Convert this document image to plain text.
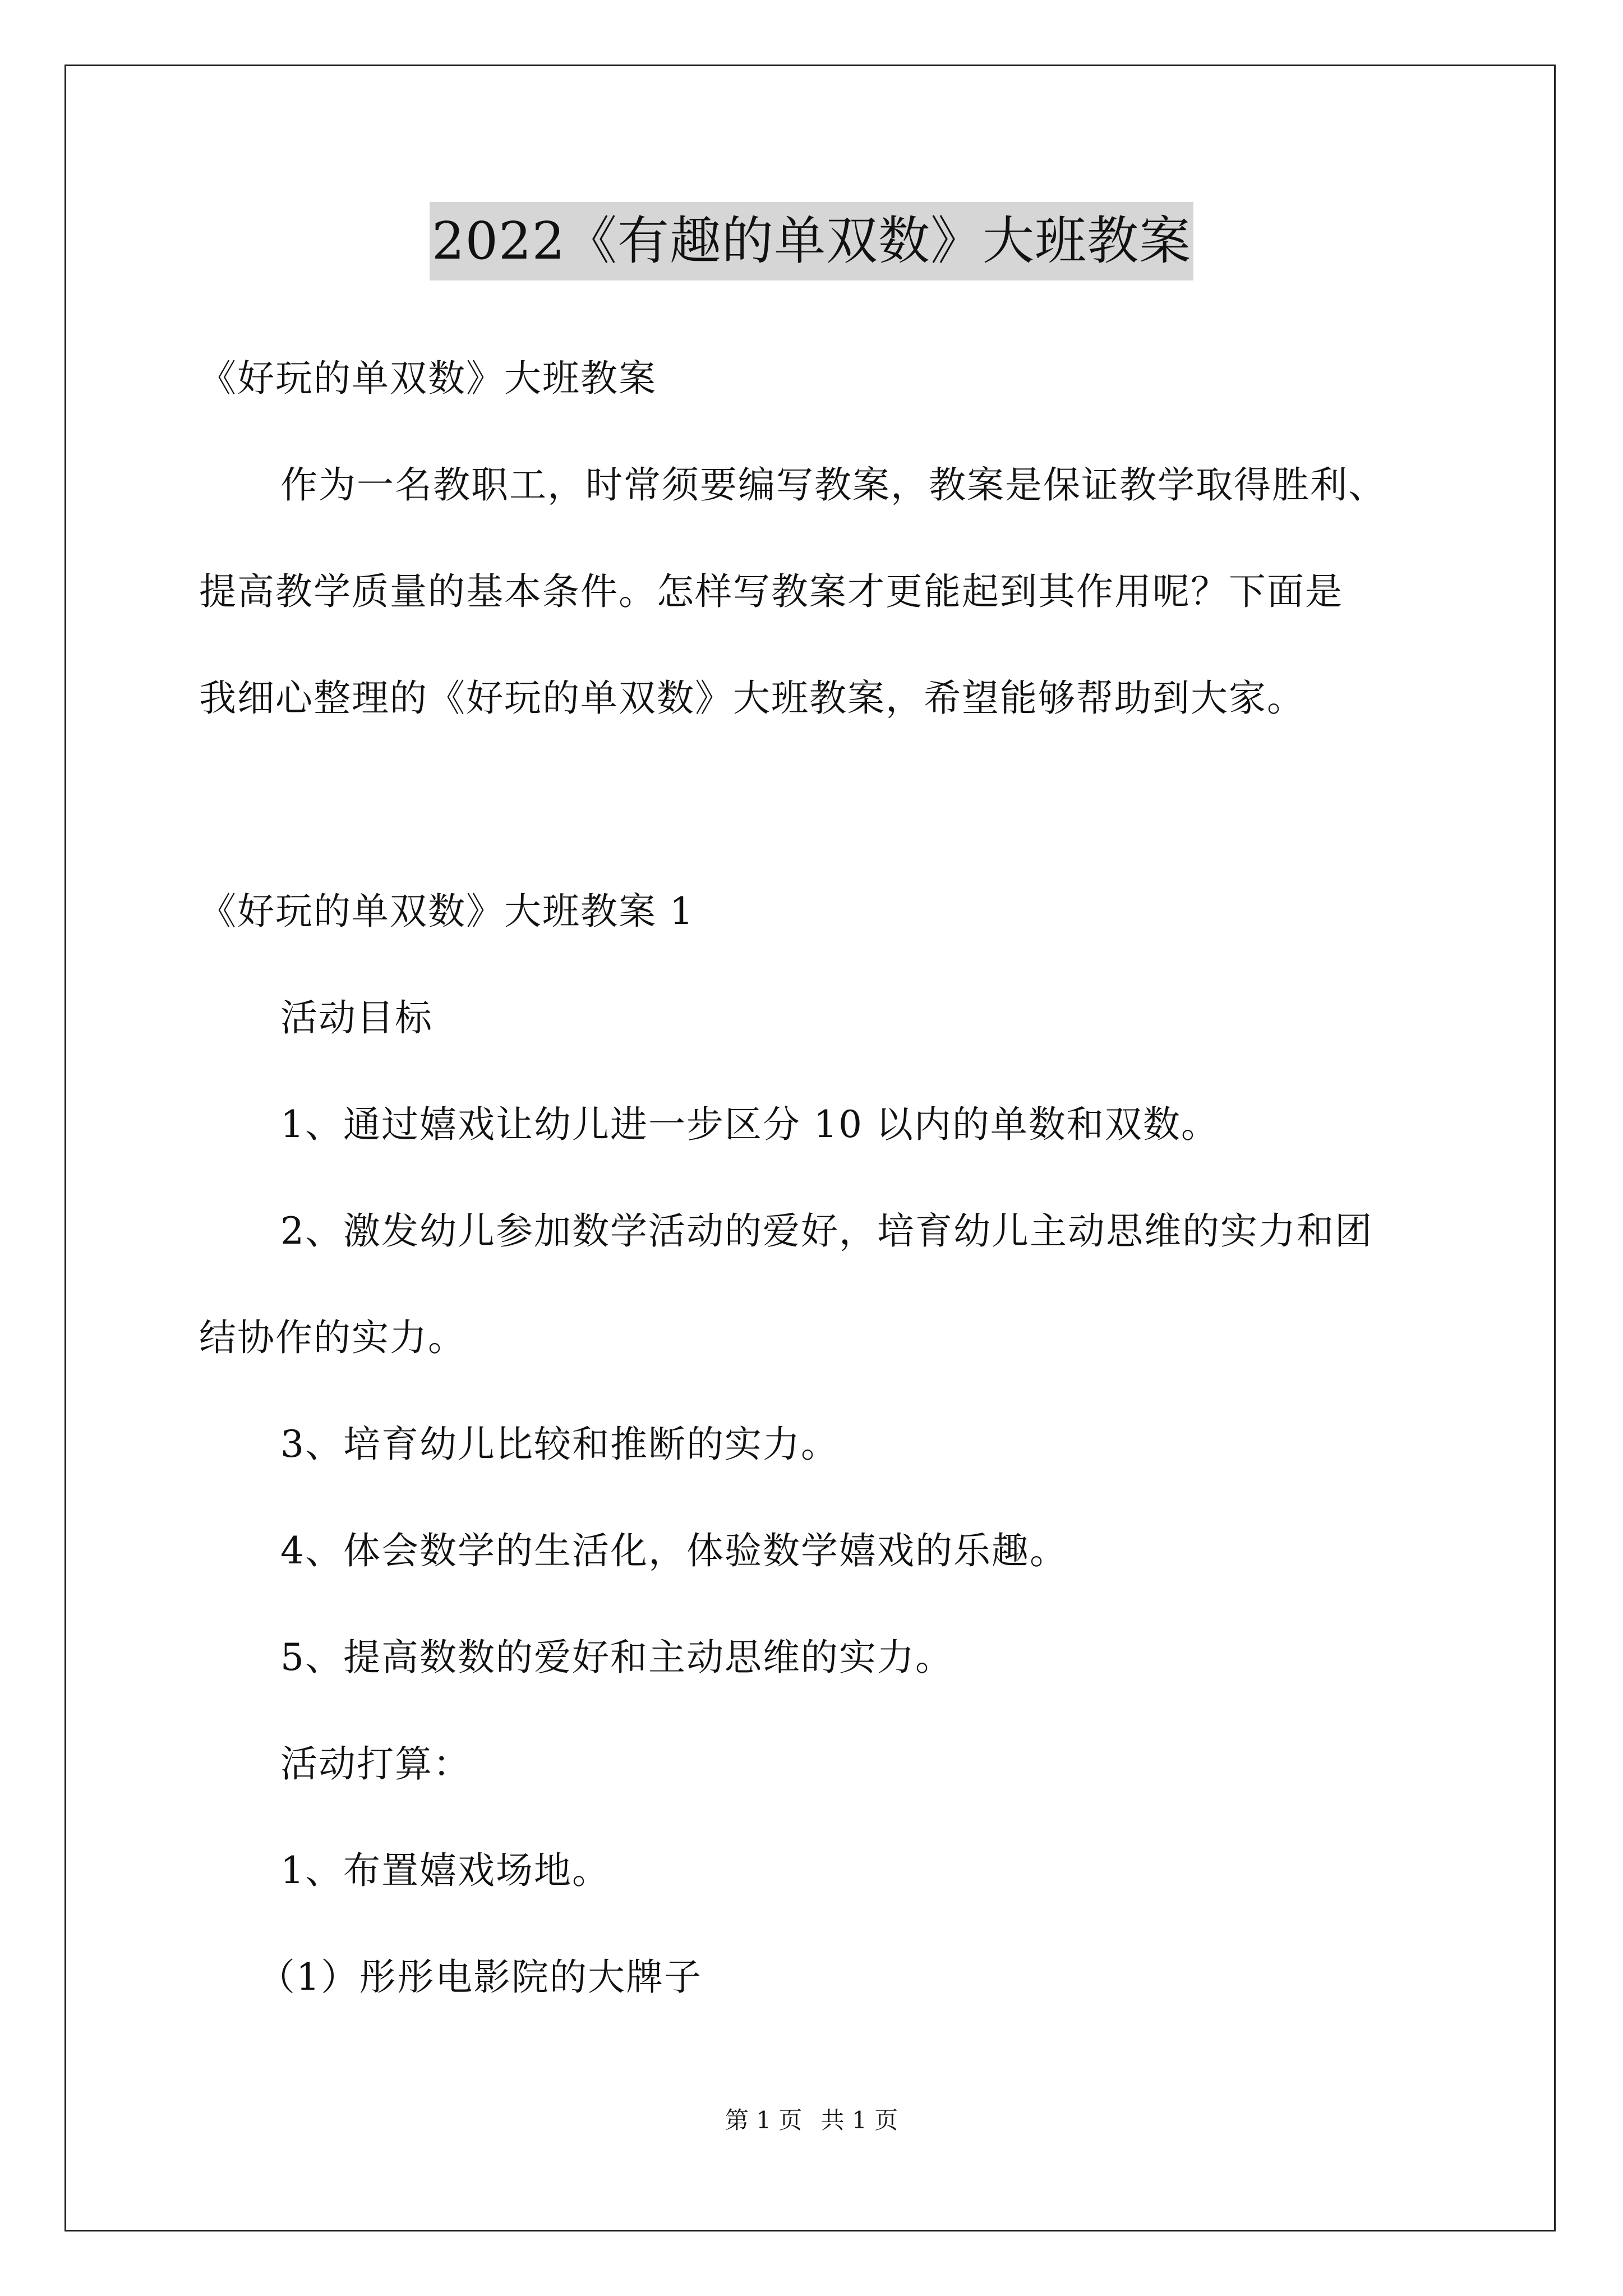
2022《有趣的单双数》大班教案
《好玩的单双数》大班教案
作为一名教职工，时常须要编写教案，教案是保证教学取得胜利、
提高教学质量的基本条件。怎样写教案才更能起到其作用呢？下面是
我细心整理的《好玩的单双数》大班教案，希望能够帮助到大家。
《好玩的单双数》大班教案 1
活动目标
1、通过嬉戏让幼儿进一步区分 10 以内的单数和双数。
2、激发幼儿参加数学活动的爱好，培育幼儿主动思维的实力和团
结协作的实力。
3、培育幼儿比较和推断的实力。
4、体会数学的生活化，体验数学嬉戏的乐趣。
5、提高数数的爱好和主动思维的实力。
活动打算：
1、布置嬉戏场地。
（1）彤彤电影院的大牌子
第 1 页 共 1 页
